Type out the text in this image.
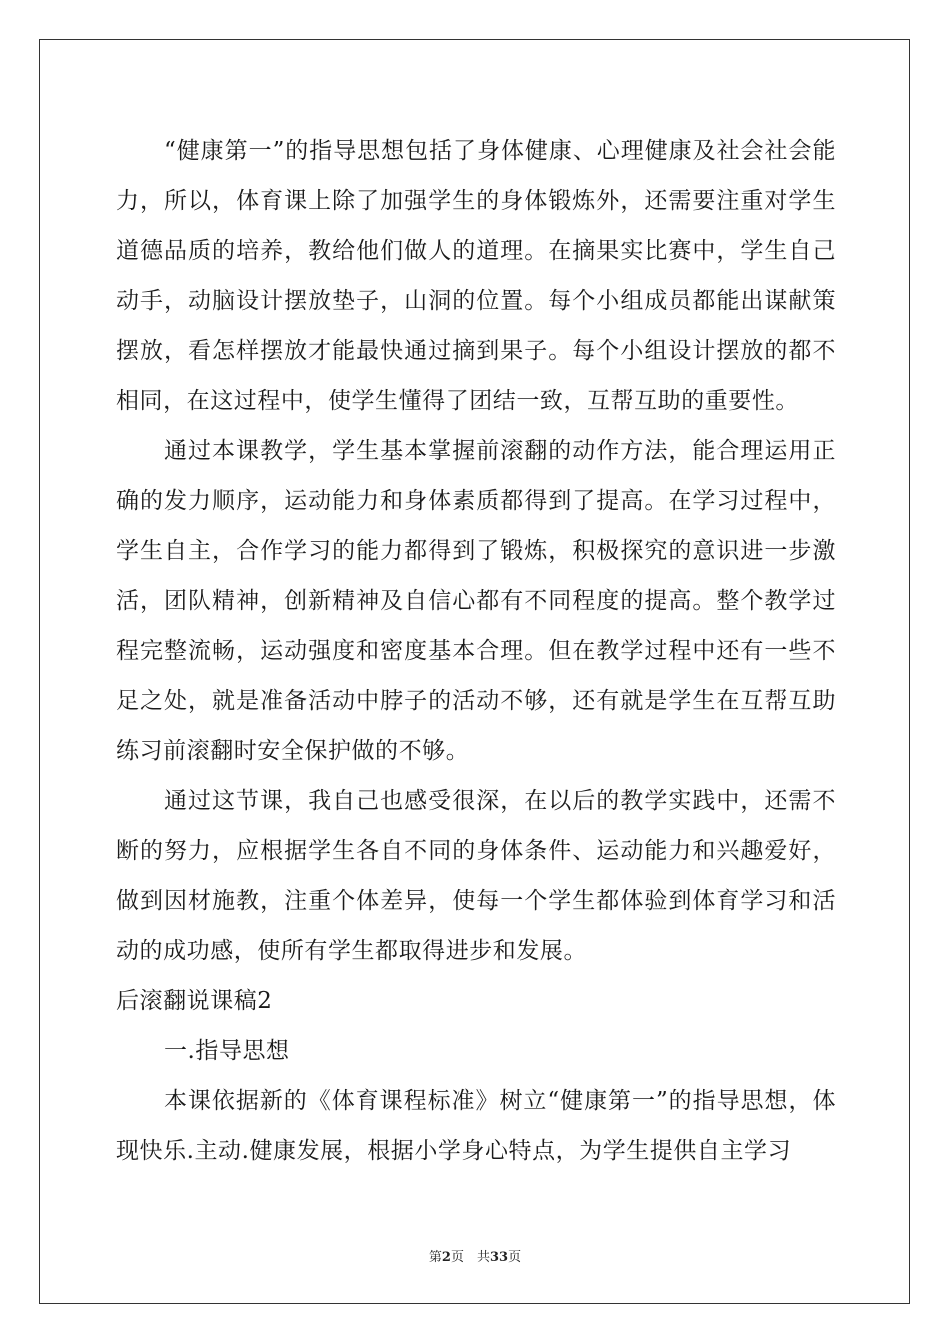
“健康第一”的指导思想包括了身体健康、心理健康及社会社会能力，所以，体育课上除了加强学生的身体锻炼外，还需要注重对学生道德品质的培养，教给他们做人的道理。在摘果实比赛中，学生自己动手，动脑设计摆放垫子，山洞的位置。每个小组成员都能出谋献策摆放，看怎样摆放才能最快通过摘到果子。每个小组设计摆放的都不相同，在这过程中，使学生懂得了团结一致，互帮互助的重要性。

通过本课教学，学生基本掌握前滚翻的动作方法，能合理运用正确的发力顺序，运动能力和身体素质都得到了提高。在学习过程中，学生自主，合作学习的能力都得到了锻炼，积极探究的意识进一步激活，团队精神，创新精神及自信心都有不同程度的提高。整个教学过程完整流畅，运动强度和密度基本合理。但在教学过程中还有一些不足之处，就是准备活动中脖子的活动不够，还有就是学生在互帮互助练习前滚翻时安全保护做的不够。

通过这节课，我自己也感受很深，在以后的教学实践中，还需不断的努力，应根据学生各自不同的身体条件、运动能力和兴趣爱好，做到因材施教，注重个体差异，使每一个学生都体验到体育学习和活动的成功感，使所有学生都取得进步和发展。

后滚翻说课稿2

一.指导思想

本课依据新的《体育课程标准》树立“健康第一”的指导思想，体现快乐.主动.健康发展，根据小学身心特点，为学生提供自主学习

第2页　共33页
